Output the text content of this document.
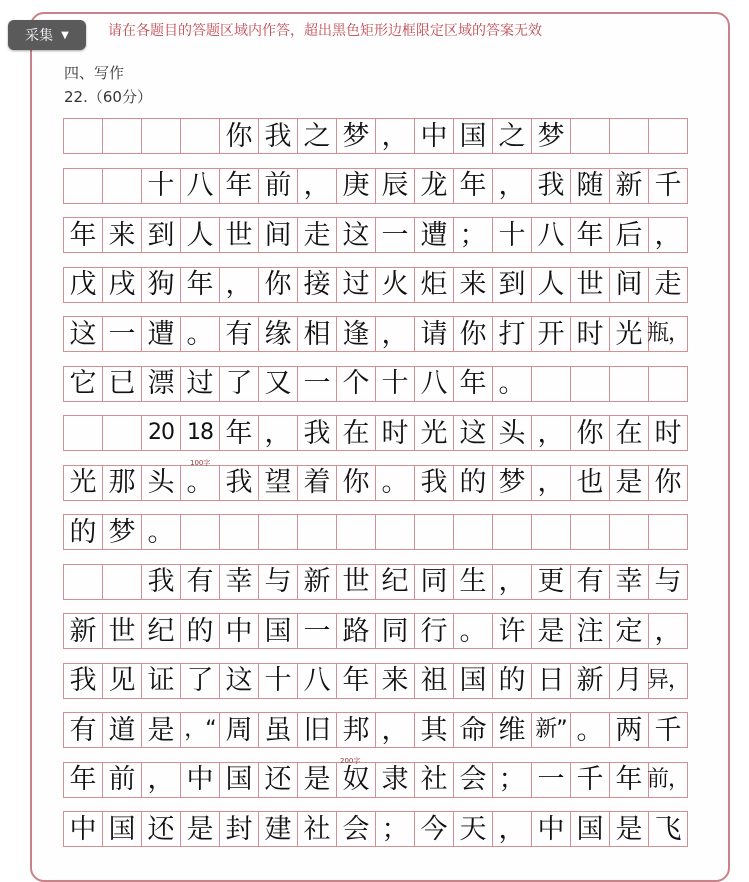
请在各题目的答题区域内作答，超出黑色矩形边框限定区域的答案无效
采集 ▼
四、写作
22.（60分）
你 我 之 梦 ， 中 国 之 梦
十 八 年 前 ， 庚 辰 龙 年 ， 我 随 新 千
年 来 到 人 世 间 走 这 一 遭 ； 十 八 年 后 ，
戊 戌 狗 年 ， 你 接 过 火 炬 来 到 人 世 间 走
这 一 遭 。 有 缘 相 逢 ， 请 你 打 开 时 光 瓶，
它 已 漂 过 了 又 一 个 十 八 年 。
20 18 年 ， 我 在 时 光 这 头 ， 你 在 时
光 那 头 。 我 望 着 你 。 我 的 梦 ， 也 是 你
的 梦 。
我 有 幸 与 新 世 纪 同 生 ， 更 有 幸 与
新 世 纪 的 中 国 一 路 同 行 。 许 是 注 定 ，
我 见 证 了 这 十 八 年 来 祖 国 的 日 新 月 异，
有 道 是 ，“ 周 虽 旧 邦 ， 其 命 维 新” 。 两 千
年 前 ， 中 国 还 是 奴 隶 社 会 ； 一 千 年 前，
中 国 还 是 封 建 社 会 ； 今 天 ， 中 国 是 飞
100字
200字
